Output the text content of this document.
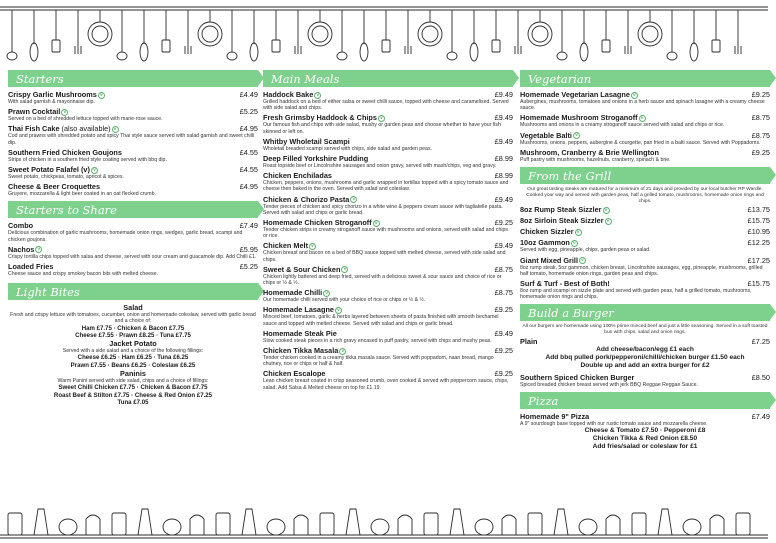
Starters
Crispy Garlic Mushrooms v	£4.49
With salad garnish & mayonnaise dip.
Prawn Cocktail v	£5.25
Served on a bed of shredded lettuce topped with marie-rose sauce.
Thai Fish Cake (also available) v	£4.95
Cod and prawns with shredded potato and spicy Thai style sauce served with salad garnish and sweet chilli dip.
Southern Fried Chicken Goujons	£4.55
Strips of chicken in a southern fried style coating served with bbq dip.
Sweet Potato Falafel (v) v	£4.55
Sweet potato, chickpeas, tomato, apricot & spices.
Cheese & Beer Croquettes	£4.95
Gruyere, mozzarella & light beer coated in an oat flecked crumb.
Starters to Share
Combo	£7.49
Delicious combination of garlic mushrooms, homemade onion rings, wedges, garlic bread, scampi and chicken goujons.
Nachos v	£5.95
Crispy tortilla chips topped with salsa and cheese, served with sour cream and guacamole dip. Add Chilli £1.
Loaded Fries	£5.25
Cheese sauce and crispy smokey bacon bits with melted cheese.
Light Bites
Salad
Fresh and crispy lettuce with tomatoes, cucumber, onion and homemade coleslaw, served with garlic bread and a choice of:
Ham £7.75 · Chicken & Bacon £7.75
Cheese £7.55 · Prawn £8.25 · Tuna £7.75
Jacket Potato
Served with a side salad and a choice of the following fillings:
Cheese £6.25 · Ham £6.25 · Tuna £6.25
Prawn £7.55 · Beans £6.25 · Coleslaw £6.25
Paninis
Warm Panini served with side salad, chips and a choice of fillings:
Sweet Chilli Chicken £7.75 · Chicken & Bacon £7.75
Roast Beef & Stilton £7.75 · Cheese & Red Onion £7.25
Tuna £7.05
Main Meals
Haddock Bake v	£9.49
Grilled haddock on a bed of either salsa or sweet chilli sauce, topped with cheese and caramelised. Served with side salad and chips.
Fresh Grimsby Haddock & Chips v	£9.49
Our famous fish and chips with side salad, mushy or garden peas and choose whether to have your fish skinned or left on.
Whitby Wholetail Scampi	£9.49
Wholetail breaded scampi served with chips, side salad and garden peas.
Deep Filled Yorkshire Pudding	£8.99
Roast topside beef or Lincolnshire sausages and onion gravy, served with mash/chips, veg and gravy.
Chicken Enchiladas	£8.99
Chicken, peppers, onions, mushrooms and garlic wrapped in tortillas topped with a spicy tomato sauce and cheese then baked in the oven. Served with salad and coleslaw.
Chicken & Chorizo Pasta v	£9.49
Tender pieces of chicken and spicy chorizo in a white wine & peppers cream sauce with tagliatelle pasta. Served with salad and chips or garlic bread.
Homemade Chicken Stroganoff v	£9.25
Tender chicken strips in creamy stroganoff sauce with mushrooms and onions, served with salad and chips or rice.
Chicken Melt v	£9.49
Chicken breast and bacon on a bed of BBQ sauce topped with melted cheese, served with side salad and chips.
Sweet & Sour Chicken v	£8.75
Chicken lightly battered and deep fried, served with a delicious sweet & sour sauce and choice of rice or chips or ½ & ½.
Homemade Chilli v	£8.75
Our homemade chilli served with your choice of rice or chips or ½ & ½.
Homemade Lasagne v	£9.25
Minced beef, tomatoes, garlic & herbs layered between sheets of pasta finished with smooth bechamel sauce and topped with melted cheese. Served with salad and chips or garlic bread.
Homemade Steak Pie	£9.49
Slow cooked steak pieces in a rich gravy encased in puff pastry, served with chips and mushy peas.
Chicken Tikka Masala v	£9.25
Tender chicken cooked in a creamy tikka masala sauce. Served with poppadom, naan bread, mango chutney, rice or chips or half & half.
Chicken Escalope	£9.25
Lean chicken breast coated in crisp seasoned crumb, oven cooked & served with peppercorn sauce, chips, salad. Add Salsa & Melted cheese on top for £1.19.
Vegetarian
Homemade Vegetarian Lasagne v	£9.25
Aubergines, mushrooms, tomatoes and onions in a herb sauce and spinach lasagne with a creamy cheese sauce.
Homemade Mushroom Stroganoff v	£8.75
Mushrooms and onions in a creamy stroganoff sauce served with salad and chips or rice.
Vegetable Balti v	£8.75
Mushrooms, onions, peppers, aubergine & courgette, pan fried in a balti sauce. Served with Poppadoms.
Mushroom, Cranberry & Brie Wellington	£9.25
Puff pastry with mushrooms, hazelnuts, cranberry, spinach & brie.
From the Grill
Our great tasting steaks are matured for a minimum of 21 days and provided by our local butcher RP Wardle. Cooked your way and served with garden peas, half a grilled tomato, mushrooms, homemade onion rings and chips.
8oz Rump Steak Sizzler v	£13.75
8oz Sirloin Steak Sizzler v	£15.75
Chicken Sizzler v	£10.95
10oz Gammon v	£12.25
Served with egg, pineapple, chips, garden peas or salad.
Giant Mixed Grill v	£17.25
8oz rump steak, 5oz gammon, chicken breast, Lincolnshire sausages, egg, pineapple, mushrooms, grilled half tomato, homemade onion rings, garden peas and chips.
Surf & Turf - Best of Both!	£15.75
8oz rump and scampi on sizzle plate and served with garden peas, half a grilled tomato, mushrooms, homemade onion rings and chips.
Build a Burger
All our burgers are homemade using 100% prime minced beef and just a little seasoning. Served in a soft toasted bun with chips, salad and onion rings.
Plain	£7.25
Add cheese/bacon/egg £1 each
Add bbq pulled pork/pepperoni/chilli/chicken burger £1.50 each
Double up and add an extra burger for £2
Southern Spiced Chicken Burger	£8.50
Spiced breaded chicken breast served with jerk BBQ Reggae Reggae Sauce.
Pizza
Homemade 9" Pizza	£7.49
A 9" sourdough base topped with our rustic tomato sauce and mozzarella cheese.
Cheese & Tomato £7.50 · Pepperoni £8
Chicken Tikka & Red Onion £8.50
Add fries/salad or coleslaw for £1
